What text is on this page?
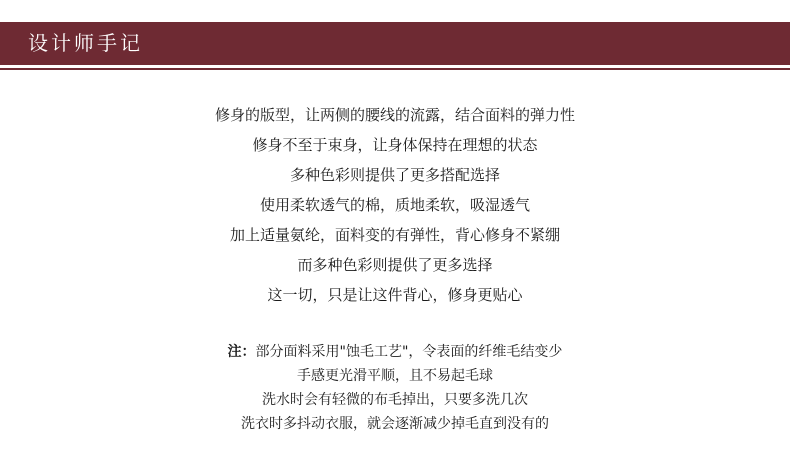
设计师手记
修身的版型，让两侧的腰线的流露，结合面料的弹力性
修身不至于束身，让身体保持在理想的状态
多种色彩则提供了更多搭配选择
使用柔软透气的棉，质地柔软，吸湿透气
加上适量氨纶，面料变的有弹性，背心修身不紧绷
而多种色彩则提供了更多选择
这一切，只是让这件背心，修身更贴心
注：部分面料采用"蚀毛工艺"，令表面的纤维毛结变少
手感更光滑平顺，且不易起毛球
洗水时会有轻微的布毛掉出，只要多洗几次
洗衣时多抖动衣服，就会逐渐减少掉毛直到没有的
